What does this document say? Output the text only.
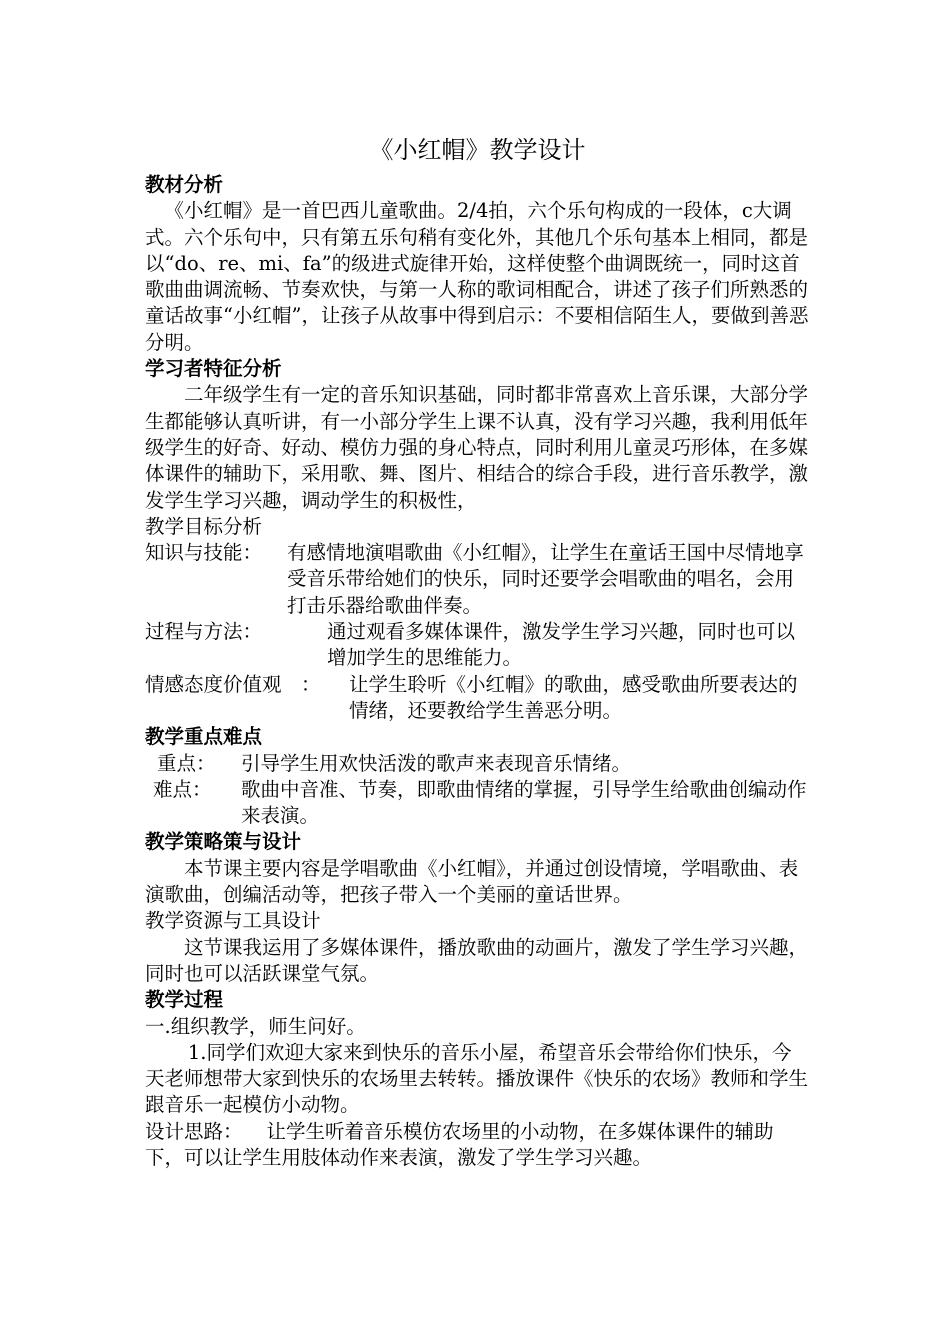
《小红帽》教学设计

教材分析

《小红帽》是一首巴西儿童歌曲。2/4拍，六个乐句构成的一段体，c大调式。六个乐句中，只有第五乐句稍有变化外，其他几个乐句基本上相同，都是以“do、re、mi、fa”的级进式旋律开始，这样使整个曲调既统一，同时这首歌曲曲调流畅、节奏欢快，与第一人称的歌词相配合，讲述了孩子们所熟悉的童话故事“小红帽”，让孩子从故事中得到启示：不要相信陌生人，要做到善恶分明。

学习者特征分析

二年级学生有一定的音乐知识基础，同时都非常喜欢上音乐课，大部分学生都能够认真听讲，有一小部分学生上课不认真，没有学习兴趣，我利用低年级学生的好奇、好动、模仿力强的身心特点，同时利用儿童灵巧形体，在多媒体课件的辅助下，采用歌、舞、图片、相结合的综合手段，进行音乐教学，激发学生学习兴趣，调动学生的积极性，

教学目标分析

知识与技能：	有感情地演唱歌曲《小红帽》，让学生在童话王国中尽情地享受音乐带给她们的快乐，同时还要学会唱歌曲的唱名，会用打击乐器给歌曲伴奏。
过程与方法：	通过观看多媒体课件，激发学生学习兴趣，同时也可以增加学生的思维能力。
情感态度价值观　：	让学生聆听《小红帽》的歌曲，感受歌曲所要表达的情绪，还要教给学生善恶分明。

教学重点难点

重点：	引导学生用欢快活泼的歌声来表现音乐情绪。
难点：	歌曲中音准、节奏，即歌曲情绪的掌握，引导学生给歌曲创编动作来表演。

教学策略策与设计

本节课主要内容是学唱歌曲《小红帽》，并通过创设情境，学唱歌曲、表演歌曲，创编活动等，把孩子带入一个美丽的童话世界。

教学资源与工具设计

这节课我运用了多媒体课件，播放歌曲的动画片，激发了学生学习兴趣，同时也可以活跃课堂气氛。

教学过程

一.组织教学，师生问好。

1.同学们欢迎大家来到快乐的音乐小屋，希望音乐会带给你们快乐，今天老师想带大家到快乐的农场里去转转。播放课件《快乐的农场》教师和学生跟音乐一起模仿小动物。

设计思路： 让学生听着音乐模仿农场里的小动物，在多媒体课件的辅助下，可以让学生用肢体动作来表演，激发了学生学习兴趣。
